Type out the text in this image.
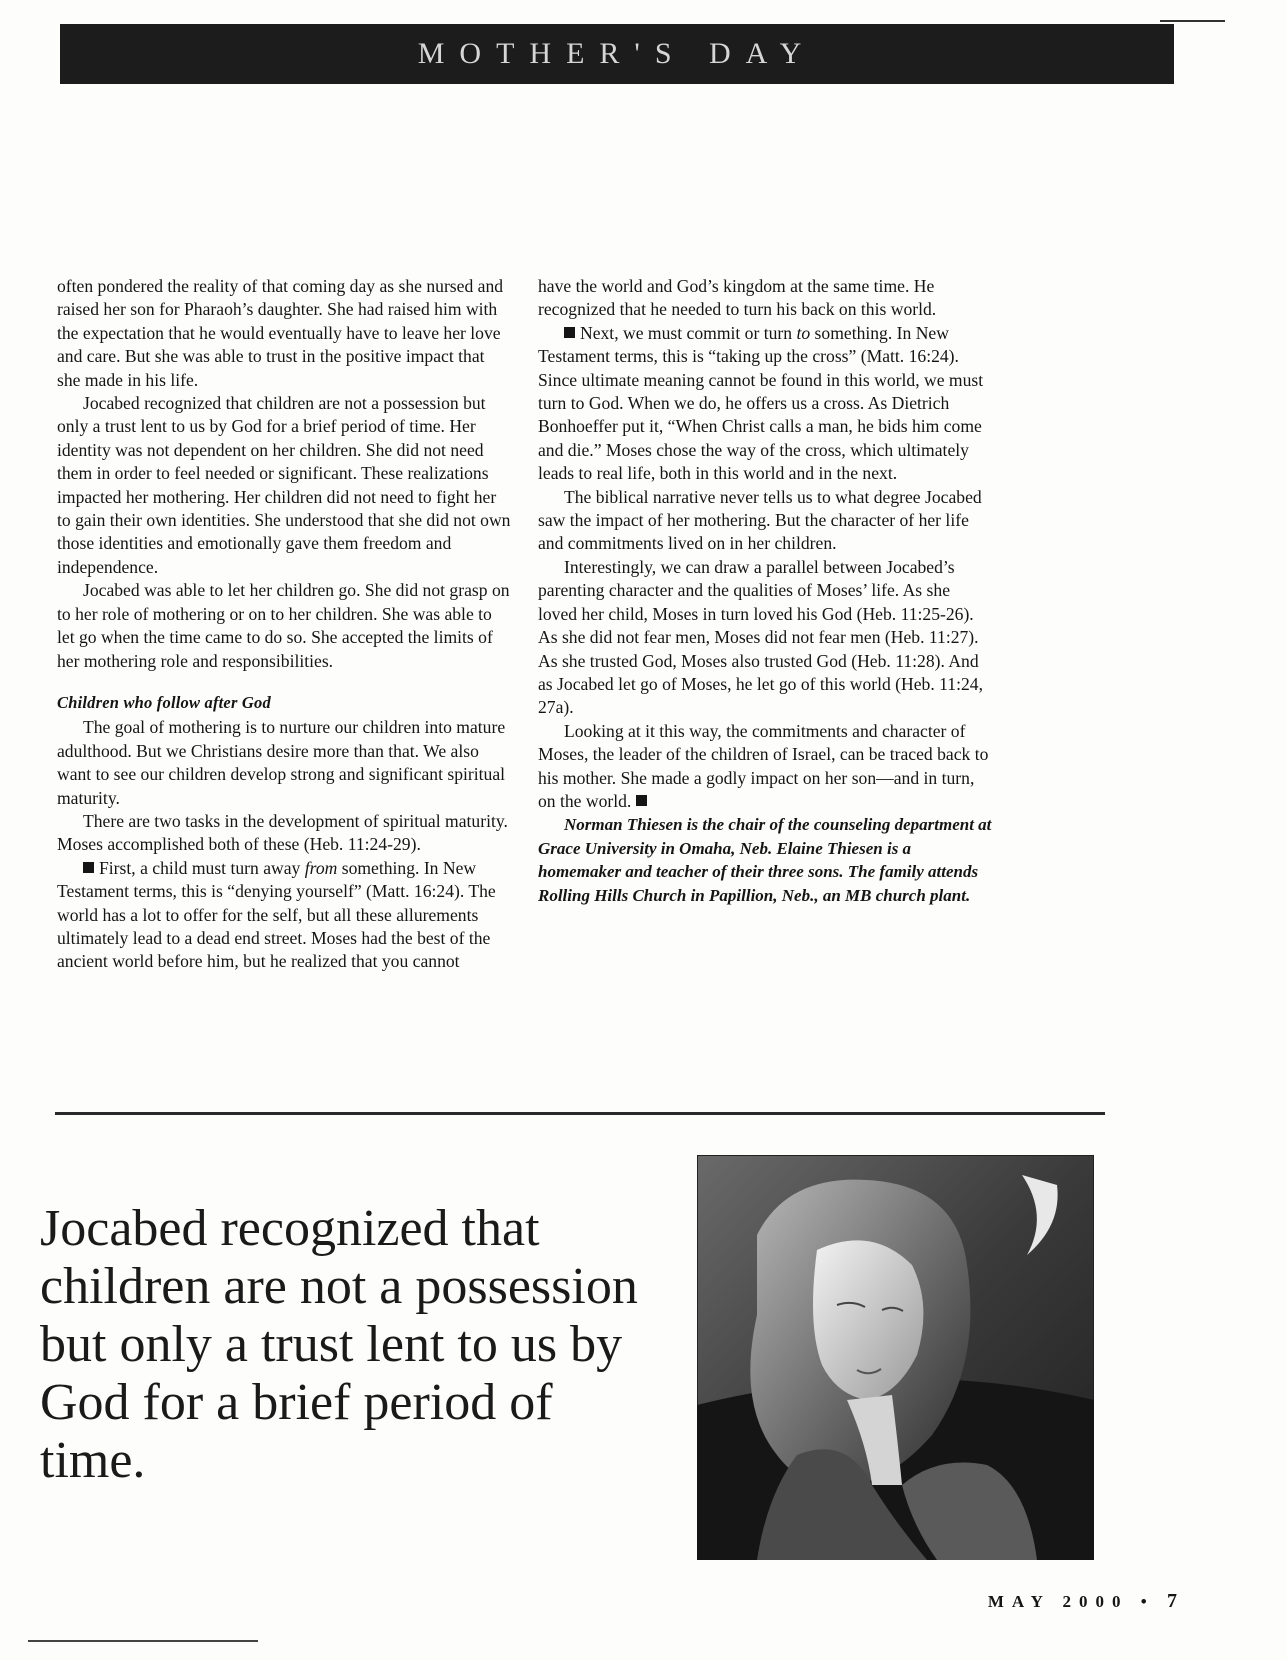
MOTHER'S DAY

often pondered the reality of that coming day as she nursed and raised her son for Pharaoh’s daughter. She had raised him with the expectation that he would eventually have to leave her love and care. But she was able to trust in the positive impact that she made in his life.

Jocabed recognized that children are not a possession but only a trust lent to us by God for a brief period of time. Her identity was not dependent on her children. She did not need them in order to feel needed or significant. These realizations impacted her mothering. Her children did not need to fight her to gain their own identities. She understood that she did not own those identities and emotionally gave them freedom and independence.

Jocabed was able to let her children go. She did not grasp on to her role of mothering or on to her children. She was able to let go when the time came to do so. She accepted the limits of her mothering role and responsibilities.

Children who follow after God

The goal of mothering is to nurture our children into mature adulthood. But we Christians desire more than that. We also want to see our children develop strong and significant spiritual maturity.

There are two tasks in the development of spiritual maturity. Moses accomplished both of these (Heb. 11:24-29).

First, a child must turn away from something. In New Testament terms, this is “denying yourself” (Matt. 16:24). The world has a lot to offer for the self, but all these allurements ultimately lead to a dead end street. Moses had the best of the ancient world before him, but he realized that you cannot

have the world and God’s kingdom at the same time. He recognized that he needed to turn his back on this world.

Next, we must commit or turn to something. In New Testament terms, this is “taking up the cross” (Matt. 16:24). Since ultimate meaning cannot be found in this world, we must turn to God. When we do, he offers us a cross. As Dietrich Bonhoeffer put it, “When Christ calls a man, he bids him come and die.” Moses chose the way of the cross, which ultimately leads to real life, both in this world and in the next.

The biblical narrative never tells us to what degree Jocabed saw the impact of her mothering. But the character of her life and commitments lived on in her children.

Interestingly, we can draw a parallel between Jocabed’s parenting character and the qualities of Moses’ life. As she loved her child, Moses in turn loved his God (Heb. 11:25-26). As she did not fear men, Moses did not fear men (Heb. 11:27). As she trusted God, Moses also trusted God (Heb. 11:28). And as Jocabed let go of Moses, he let go of this world (Heb. 11:24, 27a).

Looking at it this way, the commitments and character of Moses, the leader of the children of Israel, can be traced back to his mother. She made a godly impact on her son—and in turn, on the world.

Norman Thiesen is the chair of the counseling department at Grace University in Omaha, Neb. Elaine Thiesen is a homemaker and teacher of their three sons. The family attends Rolling Hills Church in Papillion, Neb., an MB church plant.

Jocabed recognized that children are not a possession but only a trust lent to us by God for a brief period of time.
MAY 2000 • 7
